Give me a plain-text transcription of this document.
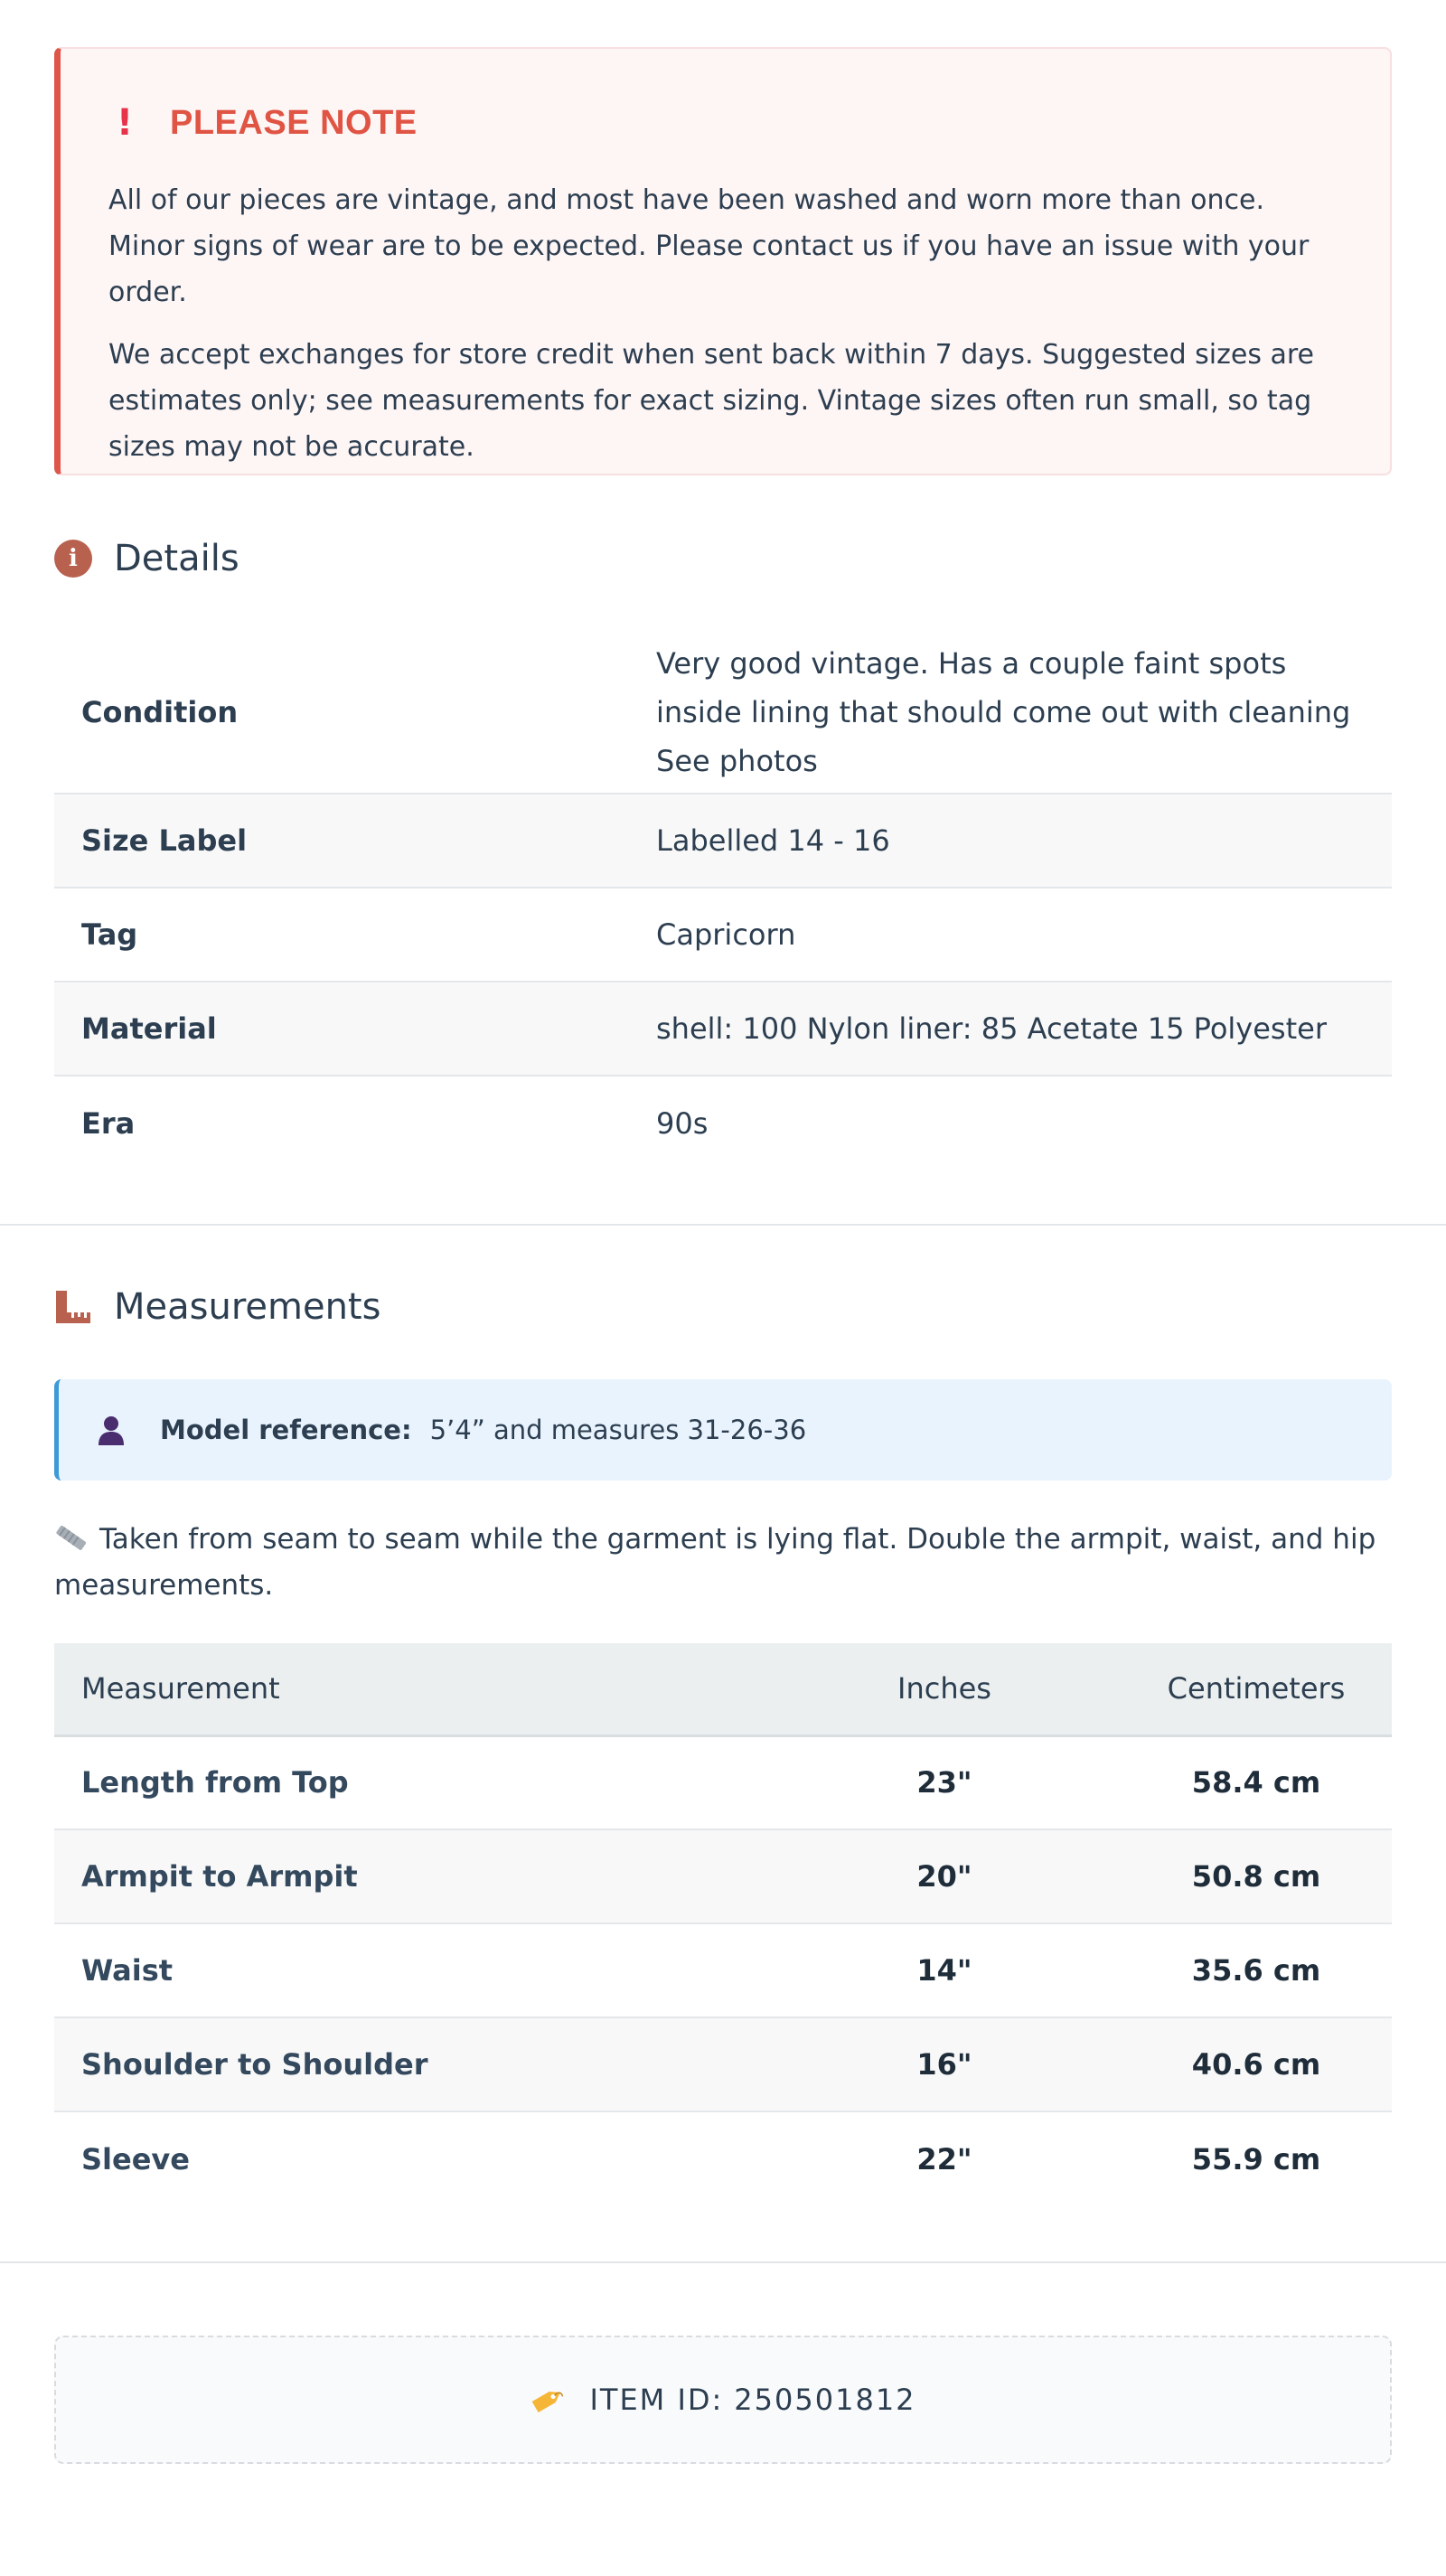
! PLEASE NOTE

All of our pieces are vintage, and most have been washed and worn more than once. Minor signs of wear are to be expected. Please contact us if you have an issue with your order.

We accept exchanges for store credit when sent back within 7 days. Suggested sizes are estimates only; see measurements for exact sizing. Vintage sizes often run small, so tag sizes may not be accurate.

i	Details
Condition	Very good vintage. Has a couple faint spots inside lining that should come out with cleaning See photos
Size Label	Labelled 14 - 16
Tag	Capricorn
Material	shell: 100 Nylon liner: 85 Acetate 15 Polyester
Era	90s
Measurements
Model reference: 5’4” and measures 31-26-36

Taken from seam to seam while the garment is lying flat. Double the armpit, waist, and hip measurements.

Measurement	Inches	Centimeters
Length from Top	23"	58.4 cm
Armpit to Armpit	20"	50.8 cm
Waist	14"	35.6 cm
Shoulder to Shoulder	16"	40.6 cm
Sleeve	22"	55.9 cm
ITEM ID: 250501812
